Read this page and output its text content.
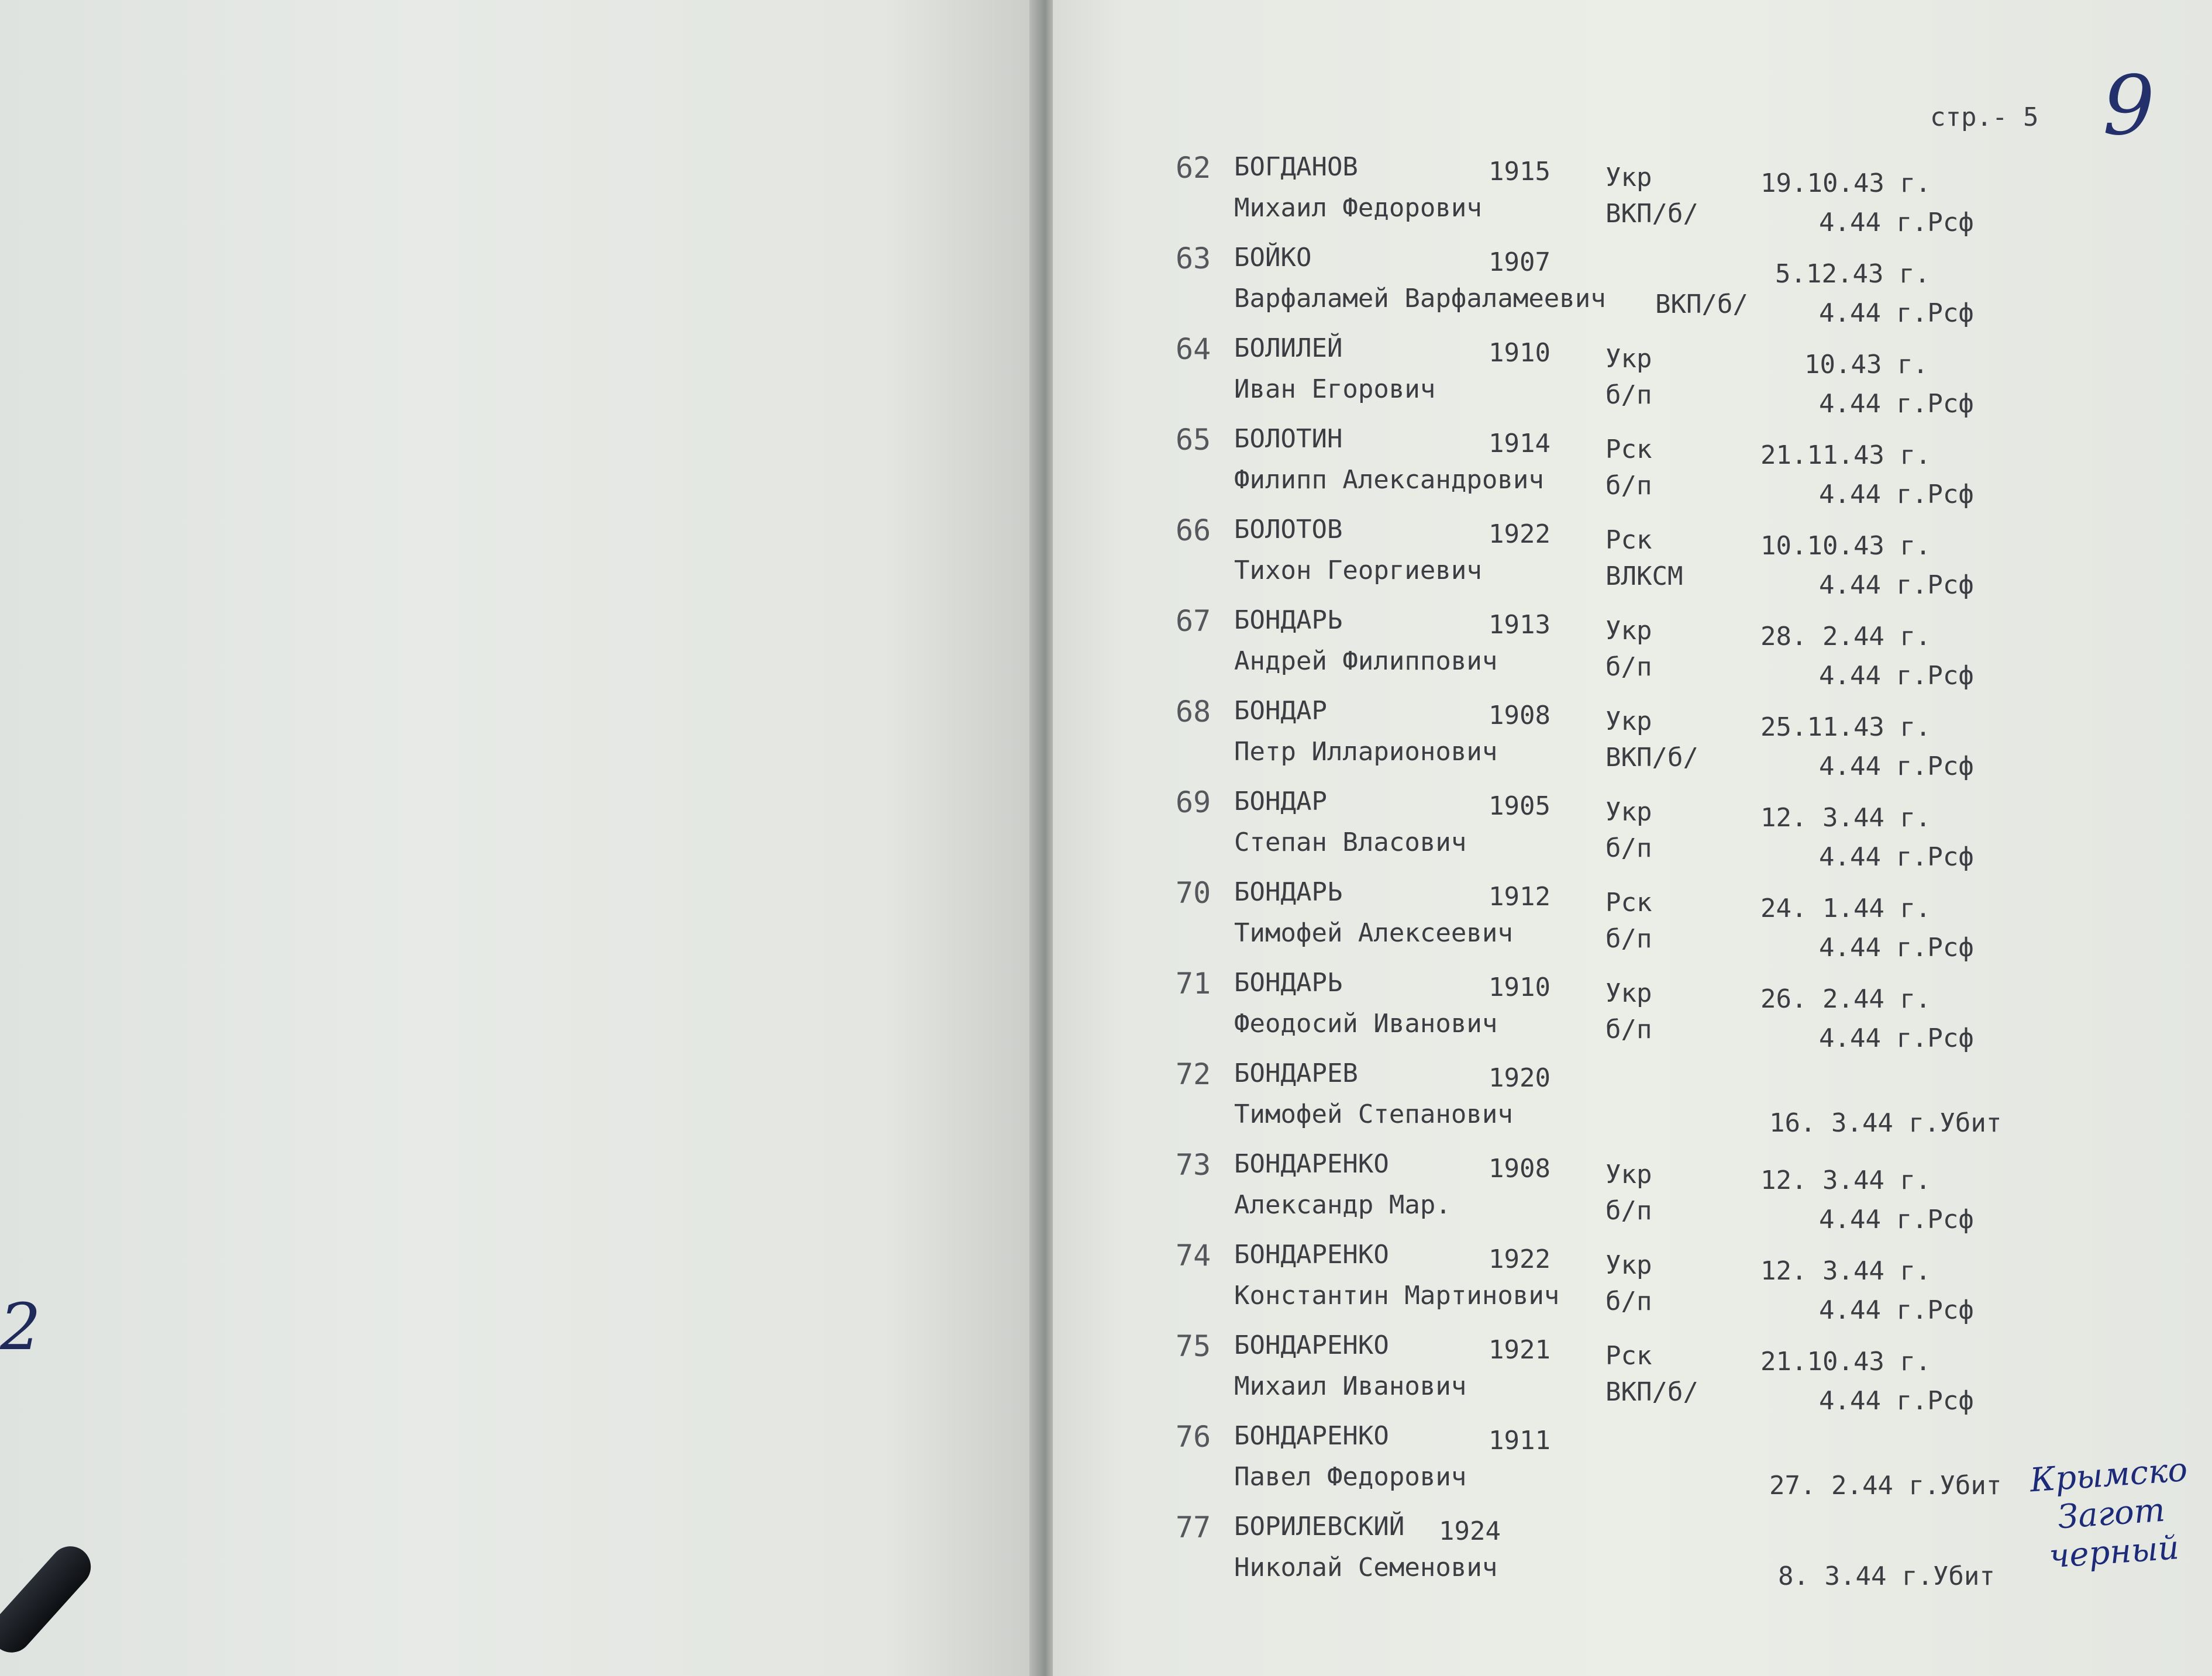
2
стр.- 5 9
62 БОГДАНОВ	1915 Укр	19.10.43 г.
Михаил Федорович	ВКП/б/	4.44 г.Рсф
63 БОЙКО	1907	5.12.43 г.
Варфаламей Варфаламеевич ВКП/б/	4.44 г.Рсф
64 БОЛИЛЕЙ	1910 Укр	10.43 г.
Иван Егорович	б/п	4.44 г.Рсф
65 БОЛОТИН	1914 Рск	21.11.43 г.
Филипп Александрович б/п	4.44 г.Рсф
66 БОЛОТОВ	1922 Рск	10.10.43 г.
Тихон Георгиевич	ВЛКСМ	4.44 г.Рсф
67 БОНДАРЬ	1913 Укр	28. 2.44 г.
Андрей Филиппович	б/п	4.44 г.Рсф
68 БОНДАР	1908 Укр	25.11.43 г.
Петр Илларионович	ВКП/б/	4.44 г.Рсф
69 БОНДАР	1905 Укр	12. 3.44 г.
Степан Власович	б/п	4.44 г.Рсф
70 БОНДАРЬ	1912 Рск	24. 1.44 г.
Тимофей Алексеевич	б/п	4.44 г.Рсф
71 БОНДАРЬ	1910 Укр	26. 2.44 г.
Феодосий Иванович	б/п	4.44 г.Рсф
72 БОНДАРЕВ	1920
Тимофей Степанович	16. 3.44 г.Убит
73 БОНДАРЕНКО	1908 Укр	12. 3.44 г.
Александр Мар.	б/п	4.44 г.Рсф
74 БОНДАРЕНКО	1922 Укр	12. 3.44 г.
Константин Мартинович б/п	4.44 г.Рсф
75 БОНДАРЕНКО	1921 Рск	21.10.43 г.
Михаил Иванович	ВКП/б/	4.44 г.Рсф
76 БОНДАРЕНКО	1911
Павел Федорович	27. 2.44 г.Убит
77 БОРИЛЕВСКИЙ 1924
Николай Семенович	8. 3.44 г.Убит
Крымско
Загот
черный
